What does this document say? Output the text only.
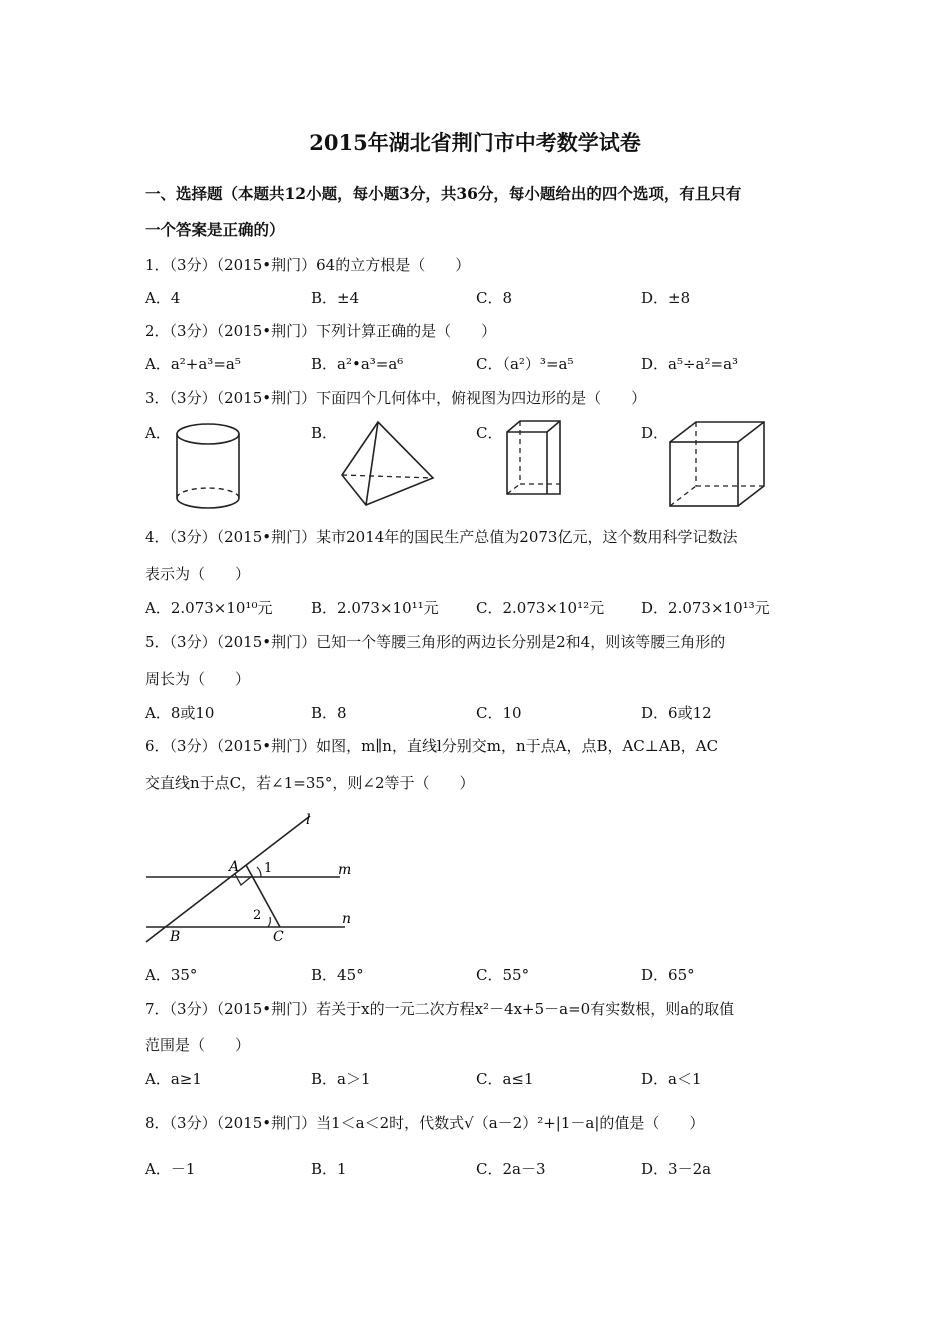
2015年湖北省荆门市中考数学试卷
一、选择题（本题共12小题，每小题3分，共36分，每小题给出的四个选项，有且只有
一个答案是正确的）
1．（3分）（2015•荆门）64的立方根是（　　）
A．4	B．±4	C．8	D．±8
2．（3分）（2015•荆门）下列计算正确的是（　　）
A．a²+a³=a⁵	B．a²•a³=a⁶	C．（a²）³=a⁵	D．a⁵÷a²=a³
3．（3分）（2015•荆门）下面四个几何体中，俯视图为四边形的是（　　）
A．	B．	C．	D．
4．（3分）（2015•荆门）某市2014年的国民生产总值为2073亿元，这个数用科学记数法
表示为（　　）
A．2.073×10¹⁰元	B．2.073×10¹¹元 C．2.073×10¹²元 D．2.073×10¹³元
5．（3分）（2015•荆门）已知一个等腰三角形的两边长分别是2和4，则该等腰三角形的
周长为（　　）
A．8或10	B．8	C．10	D．6或12
6．（3分）（2015•荆门）如图，m∥n，直线l分别交m，n于点A，点B，AC⊥AB，AC
交直线n于点C，若∠1=35°，则∠2等于（　　）
l
m
n
A
B	C
1
2
A．35°	B．45°	C．55°	D．65°
7．（3分）（2015•荆门）若关于x的一元二次方程x²－4x+5－a=0有实数根，则a的取值
范围是（　　）
A．a≥1	B．a＞1	C．a≤1	D．a＜1
8．（3分）（2015•荆门）当1＜a＜2时，代数式√（a－2）²+|1－a|的值是（　　）
A．－1	B．1	C．2a－3	D．3－2a
